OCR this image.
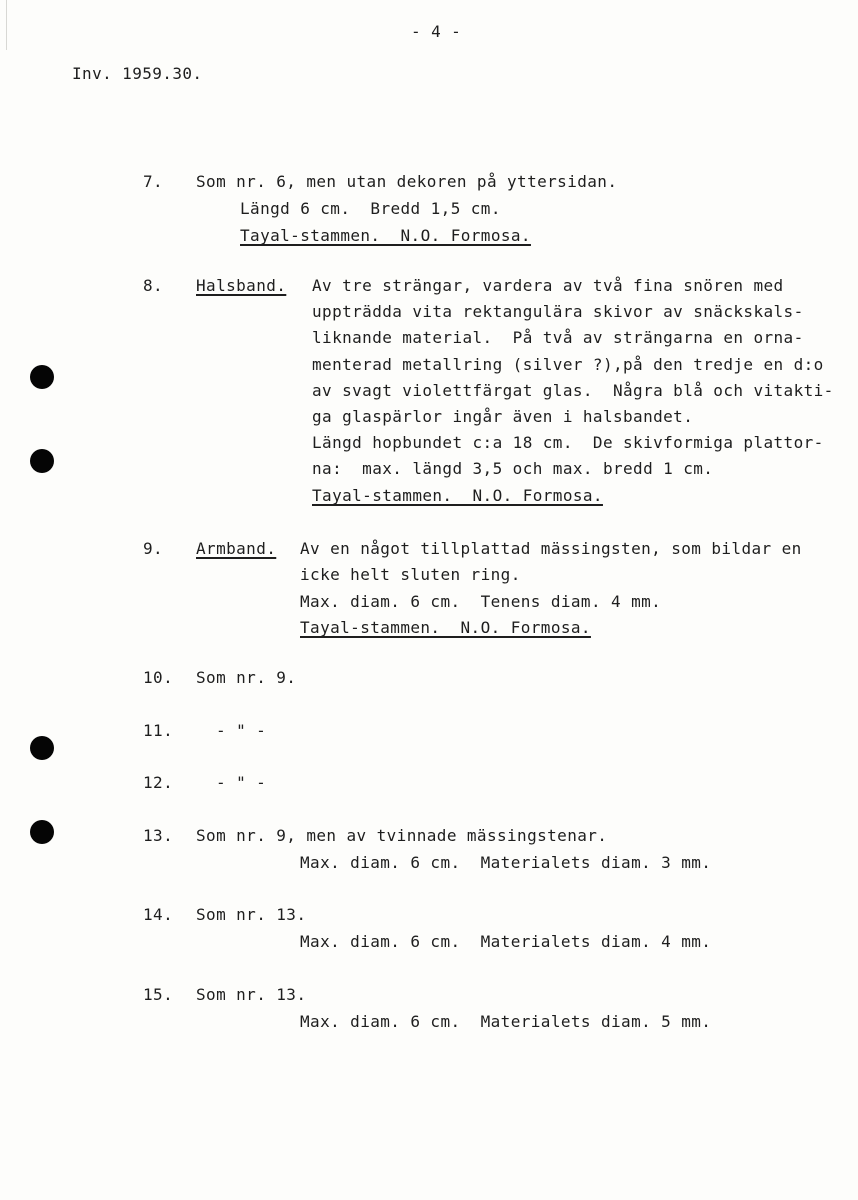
- 4 -
Inv. 1959.30.
7. Som nr. 6, men utan dekoren på yttersidan.
Längd 6 cm.  Bredd 1,5 cm.
Tayal-stammen.  N.O. Formosa.
8. Halsband. Av tre strängar, vardera av två fina snören med
uppträdda vita rektangulära skivor av snäckskals-
liknande material.  På två av strängarna en orna-
menterad metallring (silver ?),på den tredje en d:o
av svagt violettfärgat glas.  Några blå och vitakti-
ga glaspärlor ingår även i halsbandet.
Längd hopbundet c:a 18 cm.  De skivformiga plattor-
na:  max. längd 3,5 och max. bredd 1 cm.
Tayal-stammen.  N.O. Formosa.
9. Armband. Av en något tillplattad mässingsten, som bildar en
icke helt sluten ring.
Max. diam. 6 cm.  Tenens diam. 4 mm.
Tayal-stammen.  N.O. Formosa.
10. Som nr. 9.
11.	- " -
12.	- " -
13. Som nr. 9, men av tvinnade mässingstenar.
Max. diam. 6 cm.  Materialets diam. 3 mm.
14. Som nr. 13.
Max. diam. 6 cm.  Materialets diam. 4 mm.
15. Som nr. 13.
Max. diam. 6 cm.  Materialets diam. 5 mm.
